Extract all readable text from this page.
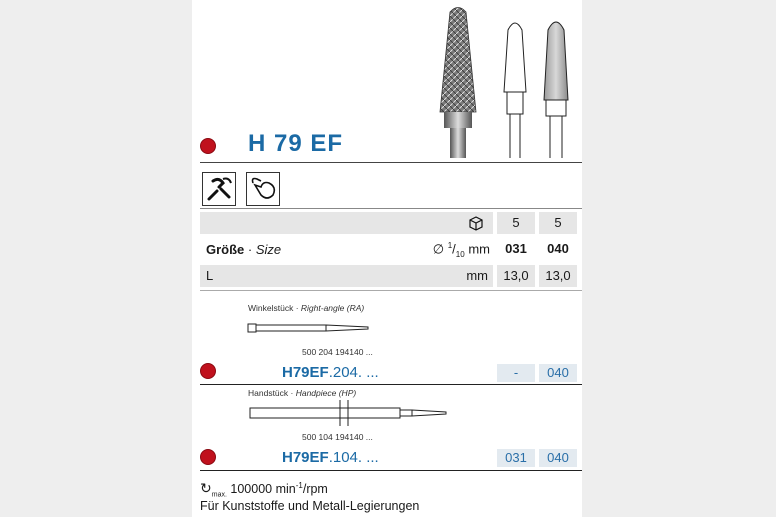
H 79 EF
5	5
Größe · Size	∅ $^1/_{10}$ mm	031	040
L	mm	13,0	13,0
Winkelstück · Right-angle (RA)
500 204 194140 ...
H79EF.204. ...	-	040
Handstück · Handpiece (HP)
500 104 194140 ...
H79EF.104. ...	031	040
$↻_{max.}$ 100000 $\min^{-1}$/rpm
Für Kunststoffe und Metall-Legierungen
